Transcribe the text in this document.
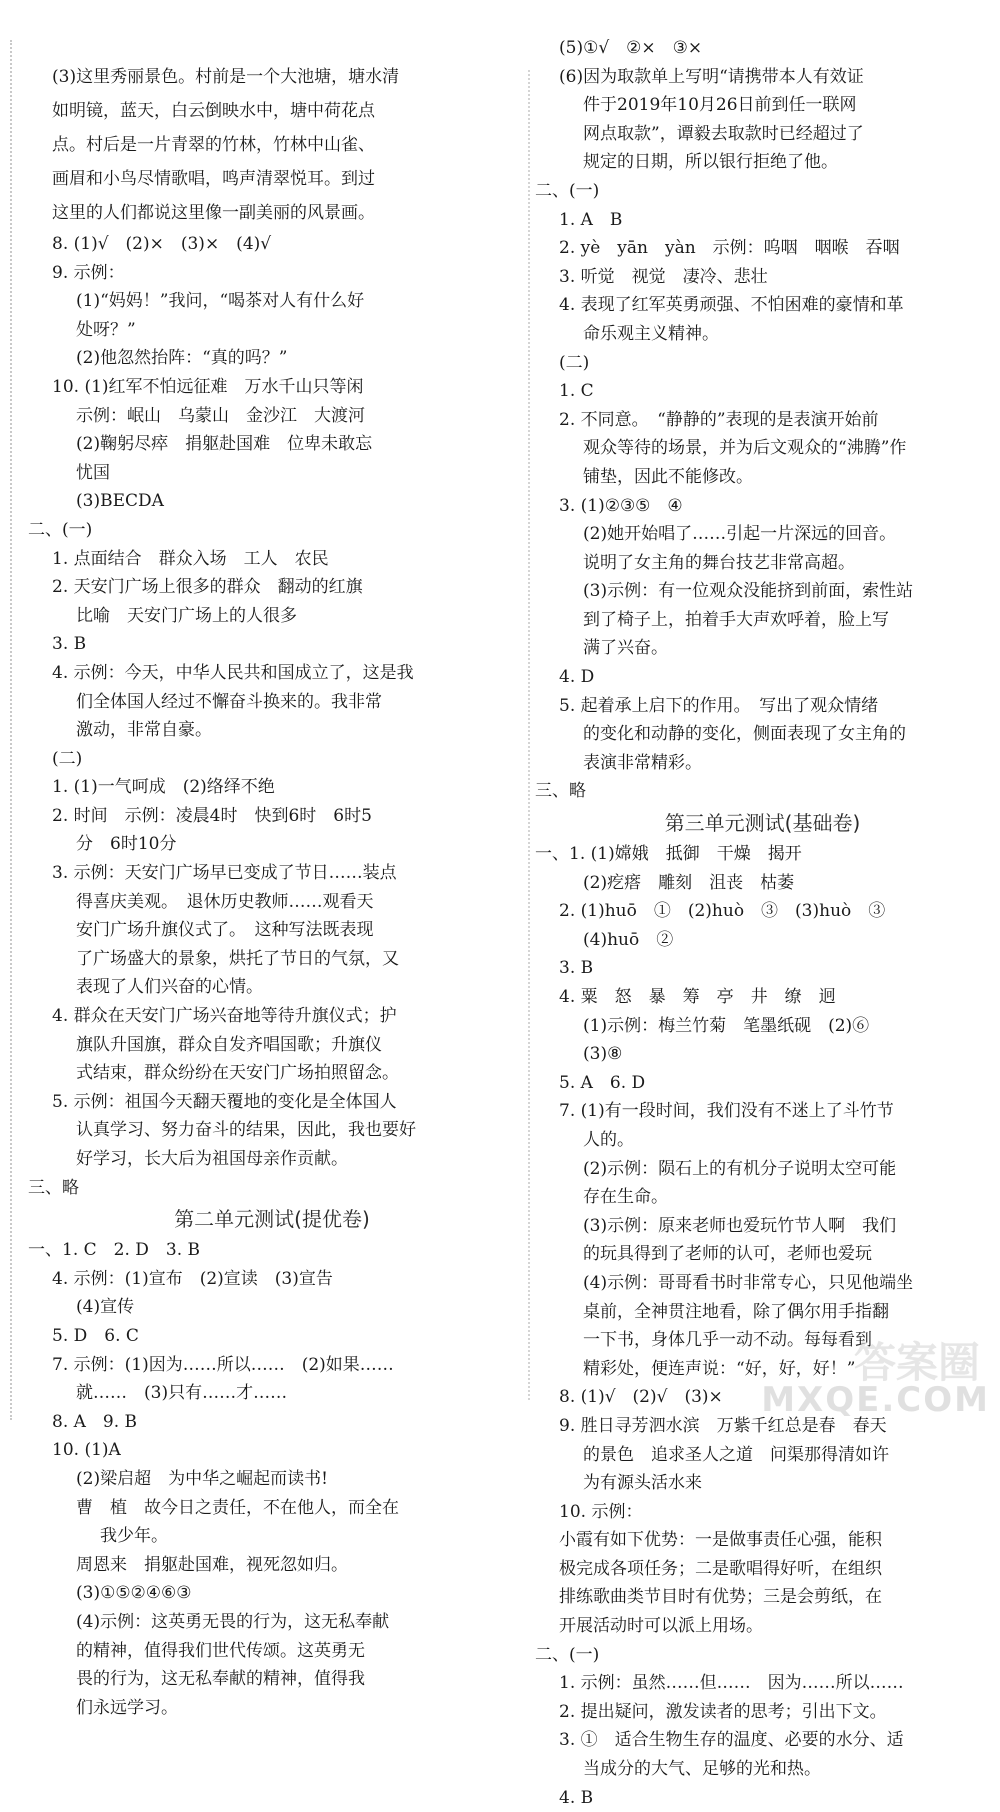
(3)这里秀丽景色。村前是一个大池塘，塘水清
如明镜，蓝天，白云倒映水中，塘中荷花点
点。村后是一片青翠的竹林，竹林中山雀、
画眉和小鸟尽情歌唱，鸣声清翠悦耳。到过
这里的人们都说这里像一副美丽的风景画。
8. (1)√　(2)×　(3)×　(4)√
9. 示例：
(1)“妈妈！”我问，“喝茶对人有什么好
处呀？”
(2)他忽然抬阵：“真的吗？”
10. (1)红军不怕远征难　万水千山只等闲
示例：岷山　乌蒙山　金沙江　大渡河
(2)鞠躬尽瘁　捐躯赴国难　位卑未敢忘
忧国
(3)BECDA
二、(一)
1. 点面结合　群众入场　工人　农民
2. 天安门广场上很多的群众　翻动的红旗
比喻　天安门广场上的人很多
3. B
4. 示例：今天，中华人民共和国成立了，这是我
们全体国人经过不懈奋斗换来的。我非常
激动，非常自豪。
(二)
1. (1)一气呵成　(2)络绎不绝
2. 时间　示例：凌晨4时　快到6时　6时5
分　6时10分
3. 示例：天安门广场早已变成了节日……装点
得喜庆美观。　退休历史教师……观看天
安门广场升旗仪式了。　这种写法既表现
了广场盛大的景象，烘托了节日的气氛，又
表现了人们兴奋的心情。
4. 群众在天安门广场兴奋地等待升旗仪式；护
旗队升国旗，群众自发齐唱国歌；升旗仪
式结束，群众纷纷在天安门广场拍照留念。
5. 示例：祖国今天翻天覆地的变化是全体国人
认真学习、努力奋斗的结果，因此，我也要好
好学习，长大后为祖国母亲作贡献。
三、略
第二单元测试(提优卷)
一、1. C　2. D　3. B
4. 示例：(1)宣布　(2)宣读　(3)宣告
(4)宣传
5. D　6. C
7. 示例：(1)因为……所以……　(2)如果……
就……　(3)只有……才……
8. A　9. B
10. (1)A
(2)梁启超　为中华之崛起而读书!
曹　植　故今日之责任，不在他人，而全在
我少年。
周恩来　捐躯赴国难，视死忽如归。
(3)①⑤②④⑥③
(4)示例：这英勇无畏的行为，这无私奉献
的精神，值得我们世代传颂。这英勇无
畏的行为，这无私奉献的精神，值得我
们永远学习。
(5)①√　②×　③×
(6)因为取款单上写明“请携带本人有效证
件于2019年10月26日前到任一联网
网点取款”，谭毅去取款时已经超过了
规定的日期，所以银行拒绝了他。
二、(一)
1. A　B
2. yè　yān　yàn　示例：呜咽　咽喉　吞咽
3. 听觉　视觉　凄冷、悲壮
4. 表现了红军英勇顽强、不怕困难的豪情和革
命乐观主义精神。
(二)
1. C
2. 不同意。　“静静的”表现的是表演开始前
观众等待的场景，并为后文观众的“沸腾”作
铺垫，因此不能修改。
3. (1)②③⑤　④
(2)她开始唱了……引起一片深远的回音。
说明了女主角的舞台技艺非常高超。
(3)示例：有一位观众没能挤到前面，索性站
到了椅子上，拍着手大声欢呼着，脸上写
满了兴奋。
4. D
5. 起着承上启下的作用。　写出了观众情绪
的变化和动静的变化，侧面表现了女主角的
表演非常精彩。
三、略
第三单元测试(基础卷)
一、1. (1)嫦娥　抵御　干燥　揭开
(2)疙瘩　雕刻　沮丧　枯萎
2. (1)huō　①　(2)huò　③　(3)huò　③
(4)huō　②
3. B
4. 粟　怒　暴　筹　亭　井　缭　迥
(1)示例：梅兰竹菊　笔墨纸砚　(2)⑥
(3)⑧
5. A　6. D
7. (1)有一段时间，我们没有不迷上了斗竹节
人的。
(2)示例：陨石上的有机分子说明太空可能
存在生命。
(3)示例：原来老师也爱玩竹节人啊　我们
的玩具得到了老师的认可，老师也爱玩
(4)示例：哥哥看书时非常专心，只见他端坐
桌前，全神贯注地看，除了偶尔用手指翻
一下书，身体几乎一动不动。每每看到
精彩处，便连声说：“好，好，好！”
8. (1)√　(2)√　(3)×
9. 胜日寻芳泗水滨　万紫千红总是春　春天
的景色　追求圣人之道　问渠那得清如许
为有源头活水来
10. 示例：
小霞有如下优势：一是做事责任心强，能积
极完成各项任务；二是歌唱得好听，在组织
排练歌曲类节目时有优势；三是会剪纸，在
开展活动时可以派上用场。
二、(一)
1. 示例：虽然……但……　因为……所以……
2. 提出疑问，激发读者的思考；引出下文。
3. ①　适合生物生存的温度、必要的水分、适
当成分的大气、足够的光和热。
4. B
答案圈
MXQE.COM
